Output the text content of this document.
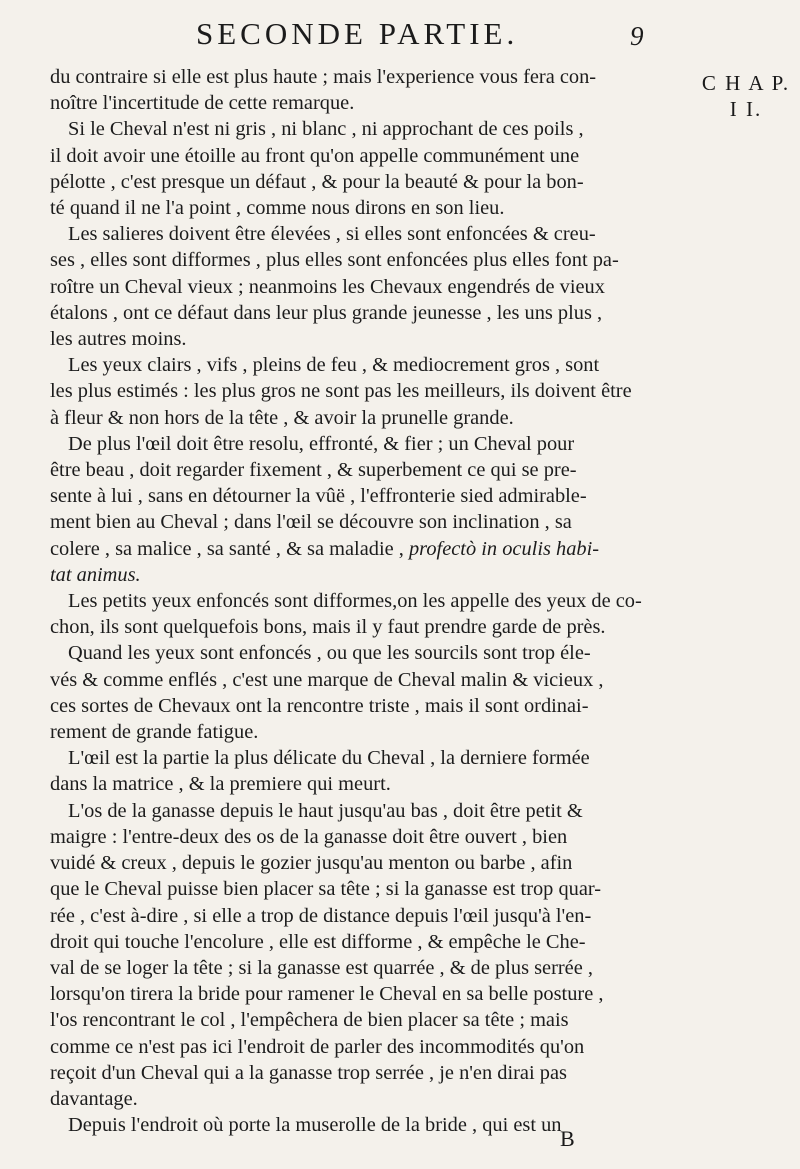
SECONDE PARTIE.	9
C H A P.
I I.
du contraire si elle est plus haute ; mais l'experience vous fera con-
noître l'incertitude de cette remarque.
Si le Cheval n'est ni gris , ni blanc , ni approchant de ces poils ,
il doit avoir une étoille au front qu'on appelle communément une
pélotte , c'est presque un défaut , & pour la beauté & pour la bon-
té quand il ne l'a point , comme nous dirons en son lieu.
Les salieres doivent être élevées , si elles sont enfoncées & creu-
ses , elles sont difformes , plus elles sont enfoncées plus elles font pa-
roître un Cheval vieux ; neanmoins les Chevaux engendrés de vieux
étalons , ont ce défaut dans leur plus grande jeunesse , les uns plus ,
les autres moins.
Les yeux clairs , vifs , pleins de feu , & mediocrement gros , sont
les plus estimés : les plus gros ne sont pas les meilleurs, ils doivent être
à fleur & non hors de la tête , & avoir la prunelle grande.
De plus l'œil doit être resolu, effronté, & fier ; un Cheval pour
être beau , doit regarder fixement , & superbement ce qui se pre-
sente à lui , sans en détourner la vûë , l'effronterie sied admirable-
ment bien au Cheval ; dans l'œil se découvre son inclination , sa
colere , sa malice , sa santé , & sa maladie , profectò in oculis habi-
tat animus.
Les petits yeux enfoncés sont difformes,on les appelle des yeux de co-
chon, ils sont quelquefois bons, mais il y faut prendre garde de près.
Quand les yeux sont enfoncés , ou que les sourcils sont trop éle-
vés & comme enflés , c'est une marque de Cheval malin & vicieux ,
ces sortes de Chevaux ont la rencontre triste , mais il sont ordinai-
rement de grande fatigue.
L'œil est la partie la plus délicate du Cheval , la derniere formée
dans la matrice , & la premiere qui meurt.
L'os de la ganasse depuis le haut jusqu'au bas , doit être petit &
maigre : l'entre-deux des os de la ganasse doit être ouvert , bien
vuidé & creux , depuis le gozier jusqu'au menton ou barbe , afin
que le Cheval puisse bien placer sa tête ; si la ganasse est trop quar-
rée , c'est à-dire , si elle a trop de distance depuis l'œil jusqu'à l'en-
droit qui touche l'encolure , elle est difforme , & empêche le Che-
val de se loger la tête ; si la ganasse est quarrée , & de plus serrée ,
lorsqu'on tirera la bride pour ramener le Cheval en sa belle posture ,
l'os rencontrant le col , l'empêchera de bien placer sa tête ; mais
comme ce n'est pas ici l'endroit de parler des incommodités qu'on
reçoit d'un Cheval qui a la ganasse trop serrée , je n'en dirai pas
davantage.
Depuis l'endroit où porte la muserolle de la bride , qui est un
B
